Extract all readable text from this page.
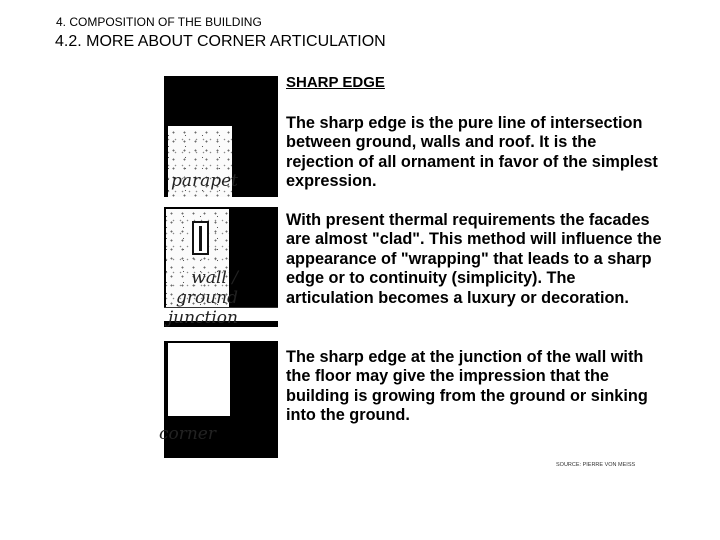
4. COMPOSITION OF THE BUILDING
4.2. MORE ABOUT CORNER ARTICULATION
parapet
wall / ground junction
corner
SHARP EDGE
The sharp edge is the pure line of intersection between ground, walls and roof. It is the rejection of all ornament in favor of the simplest expression.
With present thermal requirements the facades are almost "clad". This method will influence the appearance of "wrapping" that leads to a sharp edge or to continuity (simplicity). The articulation becomes a luxury or decoration.
The sharp edge at the junction of the wall with the floor may give the impression that the building is growing from the ground or sinking into the ground.
SOURCE: PIERRE VON MEISS
